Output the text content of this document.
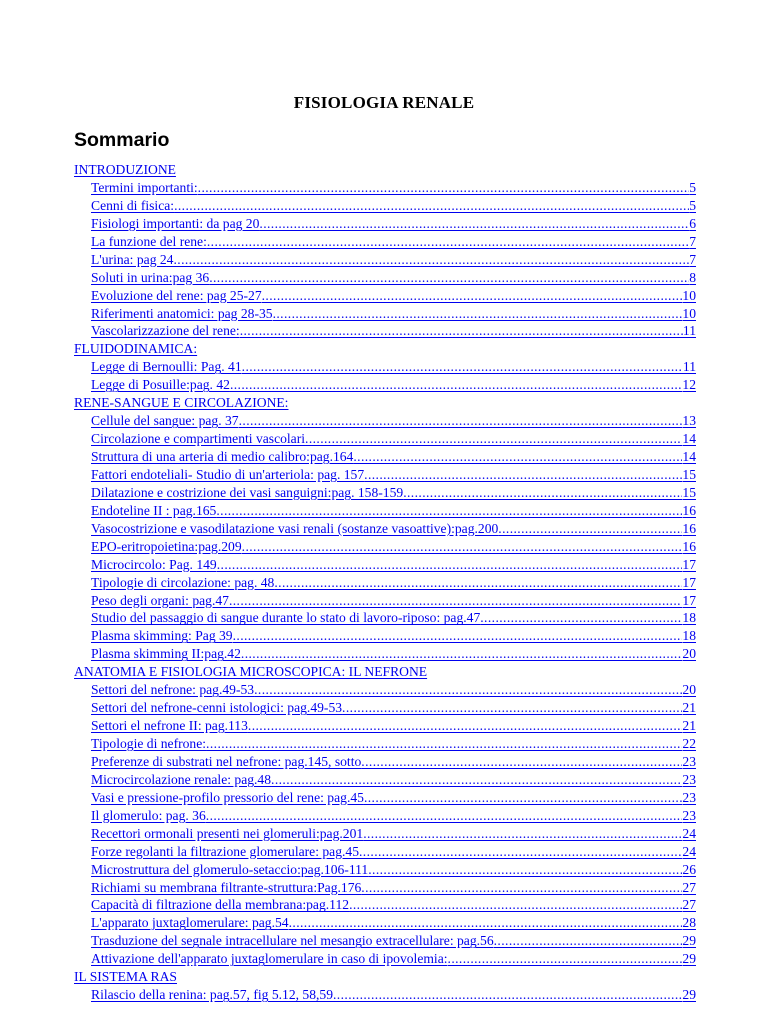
FISIOLOGIA RENALE
Sommario
INTRODUZIONE
Termini importanti: .....	5
Cenni di fisica: .....	5
Fisiologi importanti: da pag 20 .....	6
La funzione del rene: .....	7
L'urina: pag 24 .....	7
Soluti in urina:pag 36 .....	8
Evoluzione del rene: pag 25-27 .....	10
Riferimenti anatomici: pag 28-35 .....	10
Vascolarizzazione del rene: .....	11
FLUIDODINAMICA:
Legge di Bernoulli: Pag. 41 .....	11
Legge di Posuille:pag. 42 .....	12
RENE-SANGUE E CIRCOLAZIONE:
Cellule del sangue: pag. 37 .....	13
Circolazione e compartimenti vascolari .....	14
Struttura di una arteria di medio calibro:pag.164 .....	14
Fattori endoteliali- Studio di un'arteriola: pag. 157 .....	15
Dilatazione e costrizione dei vasi sanguigni:pag. 158-159 .....	15
Endoteline II : pag.165 .....	16
Vasocostrizione e vasodilatazione vasi renali (sostanze vasoattive):pag.200 .....	16
EPO-eritropoietina:pag.209 .....	16
Microcircolo: Pag. 149 .....	17
Tipologie di circolazione: pag. 48 .....	17
Peso degli organi: pag.47 .....	17
Studio del passaggio di sangue durante lo stato di lavoro-riposo: pag.47 .....	18
Plasma skimming: Pag 39 .....	18
Plasma skimming II:pag.42 .....	20
ANATOMIA E FISIOLOGIA MICROSCOPICA: IL NEFRONE
Settori del nefrone: pag.49-53 .....	20
Settori del nefrone-cenni istologici: pag.49-53 .....	21
Settori el nefrone II: pag.113 .....	21
Tipologie di nefrone: .....	22
Preferenze di substrati nel nefrone: pag.145, sotto .....	23
Microcircolazione renale: pag.48 .....	23
Vasi e pressione-profilo pressorio del rene: pag.45 .....	23
Il glomerulo: pag. 36 .....	23
Recettori ormonali presenti nei glomeruli:pag.201 .....	24
Forze regolanti la filtrazione glomerulare: pag.45 .....	24
Microstruttura del glomerulo-setaccio:pag.106-111 .....	26
Richiami su membrana filtrante-struttura:Pag.176 .....	27
Capacità di filtrazione della membrana:pag.112 .....	27
L'apparato juxtaglomerulare: pag.54 .....	28
Trasduzione del segnale intracellulare nel mesangio extracellulare: pag.56 .....	29
Attivazione dell'apparato juxtaglomerulare in caso di ipovolemia: .....	29
IL SISTEMA RAS
Rilascio della renina: pag.57, fig 5.12, 58,59 .....	29
